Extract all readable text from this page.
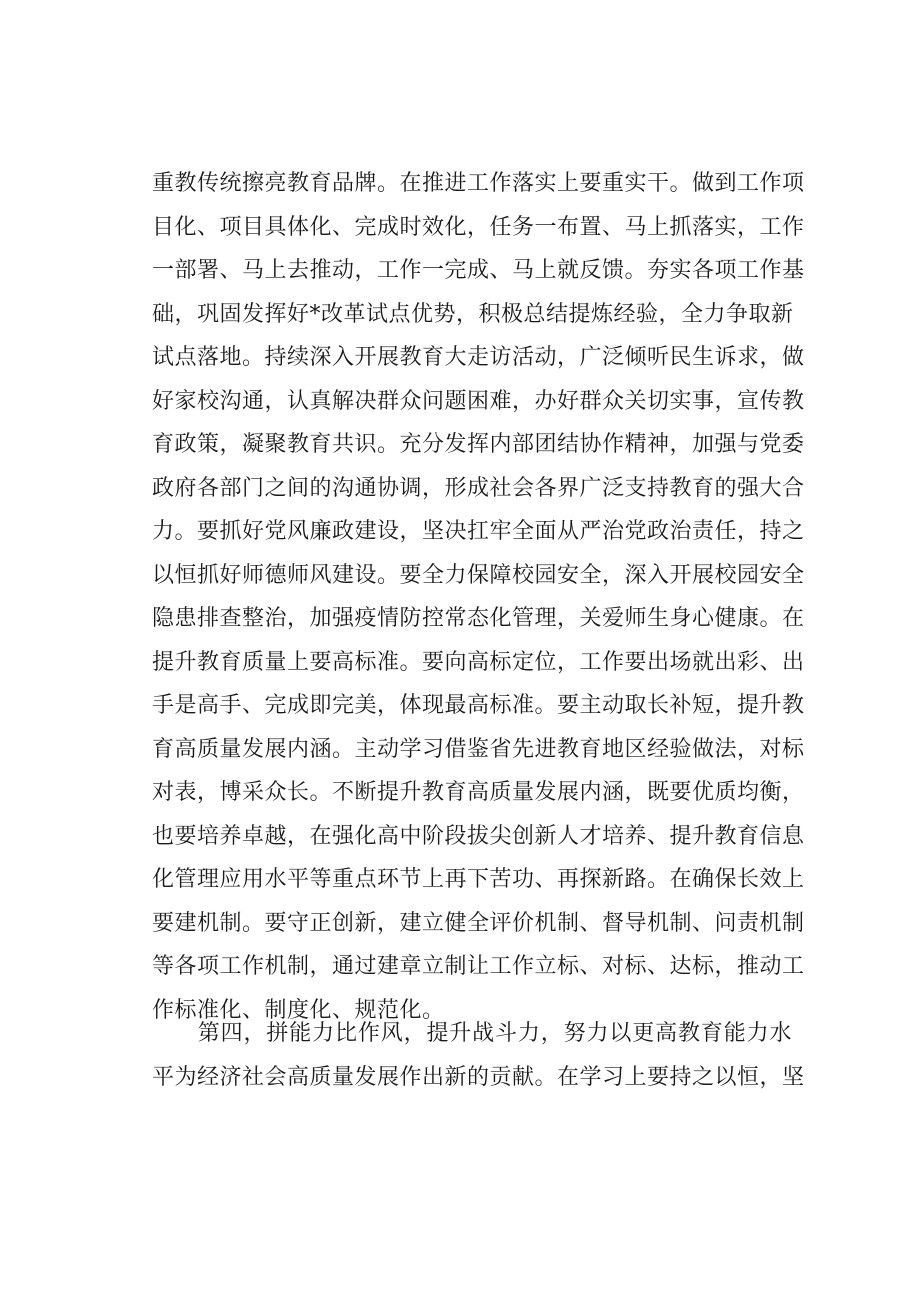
重教传统擦亮教育品牌。在推进工作落实上要重实干。做到工作项
目化、项目具体化、完成时效化，任务一布置、马上抓落实，工作
一部署、马上去推动，工作一完成、马上就反馈。夯实各项工作基
础，巩固发挥好*改革试点优势，积极总结提炼经验，全力争取新
试点落地。持续深入开展教育大走访活动，广泛倾听民生诉求，做
好家校沟通，认真解决群众问题困难，办好群众关切实事，宣传教
育政策，凝聚教育共识。充分发挥内部团结协作精神，加强与党委
政府各部门之间的沟通协调，形成社会各界广泛支持教育的强大合
力。要抓好党风廉政建设，坚决扛牢全面从严治党政治责任，持之
以恒抓好师德师风建设。要全力保障校园安全，深入开展校园安全
隐患排查整治，加强疫情防控常态化管理，关爱师生身心健康。在
提升教育质量上要高标准。要向高标定位，工作要出场就出彩、出
手是高手、完成即完美，体现最高标准。要主动取长补短，提升教
育高质量发展内涵。主动学习借鉴省先进教育地区经验做法，对标
对表，博采众长。不断提升教育高质量发展内涵，既要优质均衡，
也要培养卓越，在强化高中阶段拔尖创新人才培养、提升教育信息
化管理应用水平等重点环节上再下苦功、再探新路。在确保长效上
要建机制。要守正创新，建立健全评价机制、督导机制、问责机制
等各项工作机制，通过建章立制让工作立标、对标、达标，推动工
作标准化、制度化、规范化。
　　第四，拼能力比作风，提升战斗力，努力以更高教育能力水
平为经济社会高质量发展作出新的贡献。在学习上要持之以恒，坚
